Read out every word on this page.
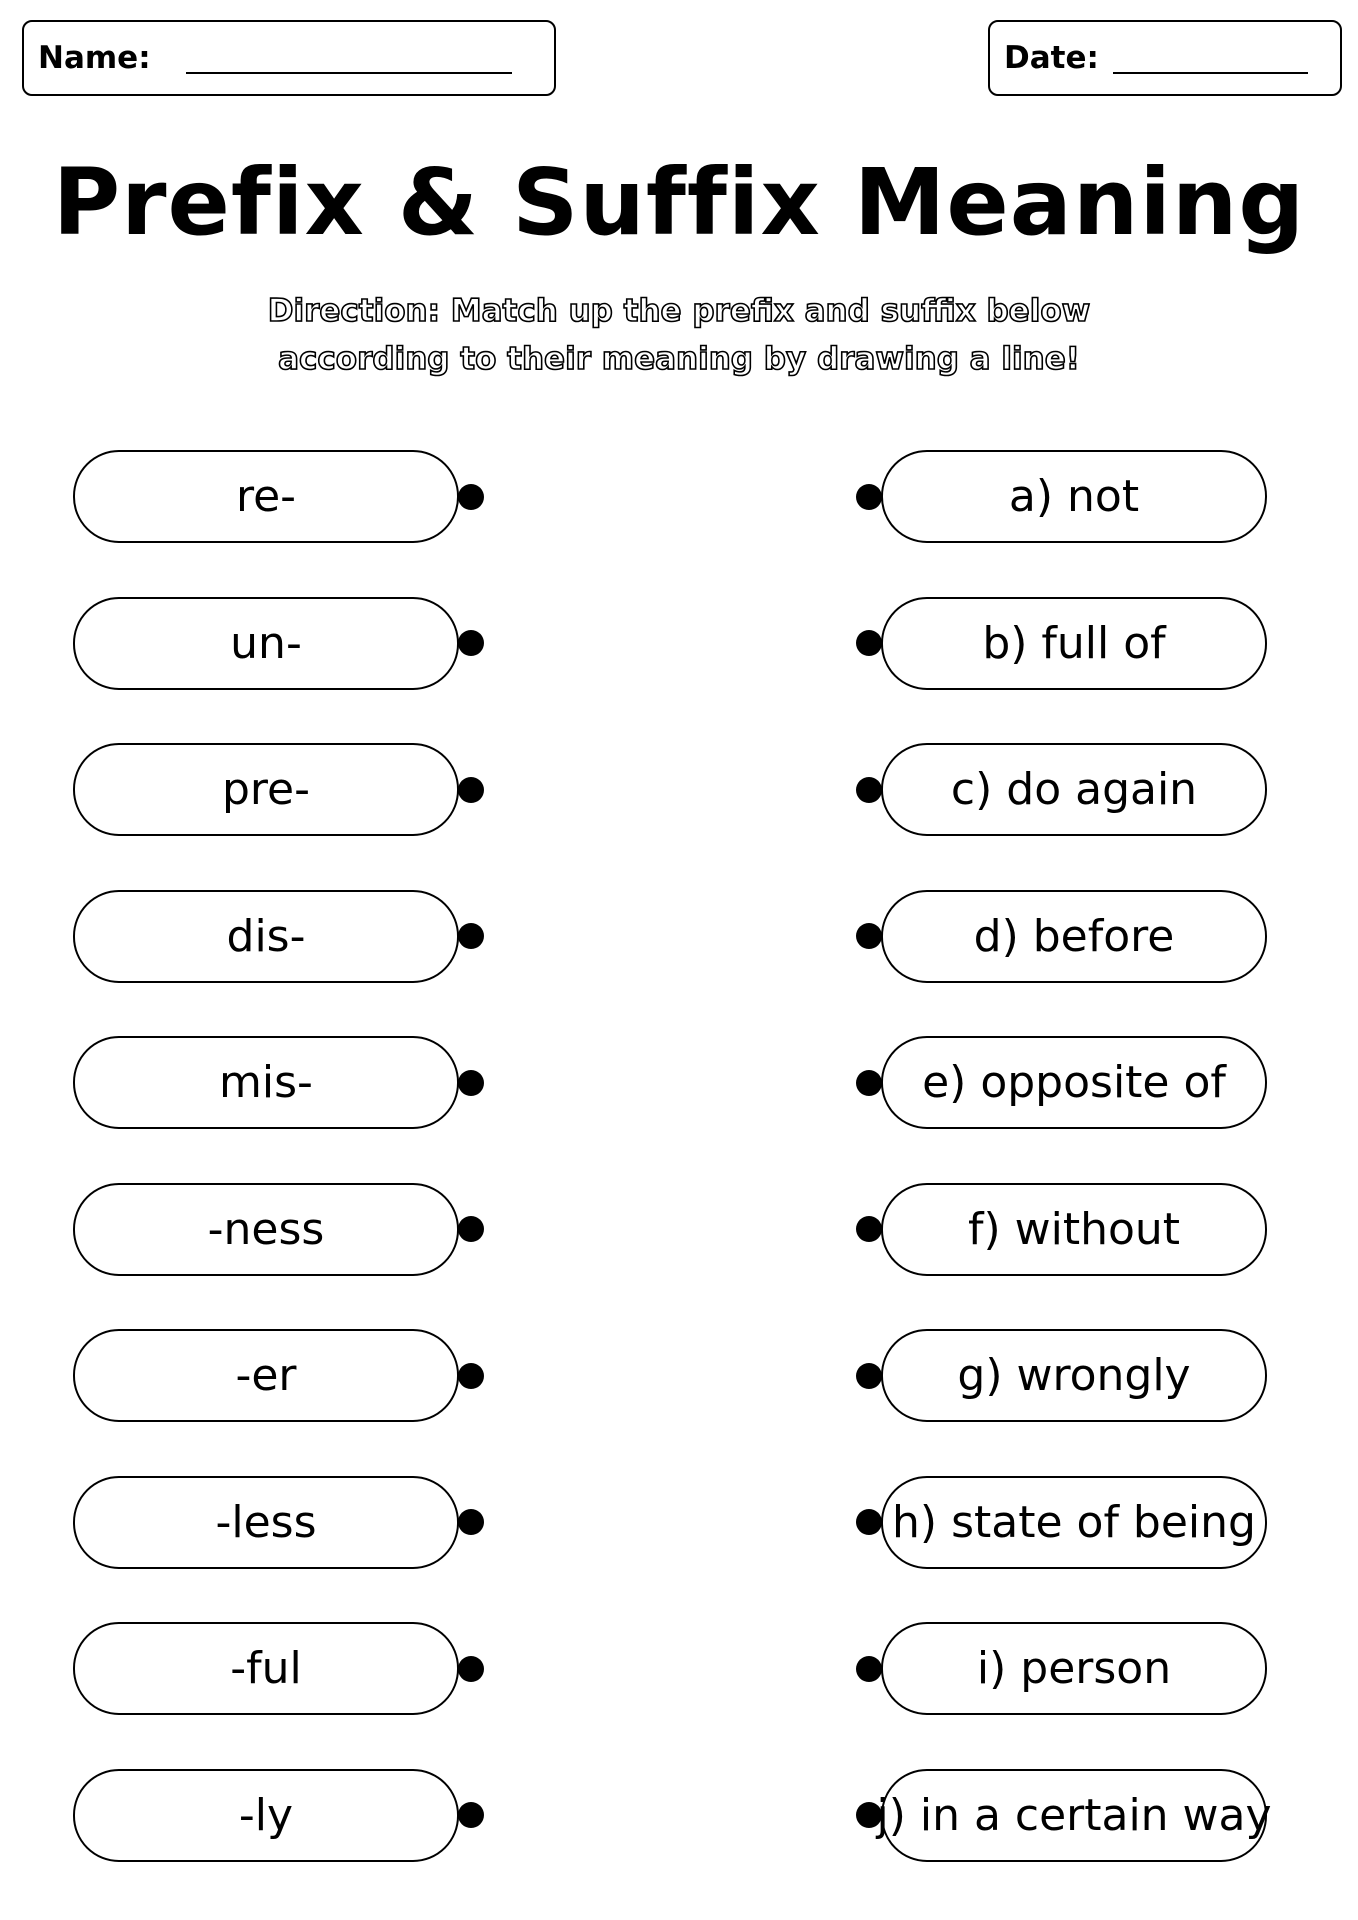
Name:	Date:
Prefix & Suffix Meaning
Direction: Match up the prefix and suffix below
according to their meaning by drawing a line!
re-	a) not
un-	b) full of
pre-	c) do again
dis-	d) before
mis-	e) opposite of
-ness	f) without
-er	g) wrongly
-less	h) state of being
-ful	i) person
-ly	j) in a certain way
